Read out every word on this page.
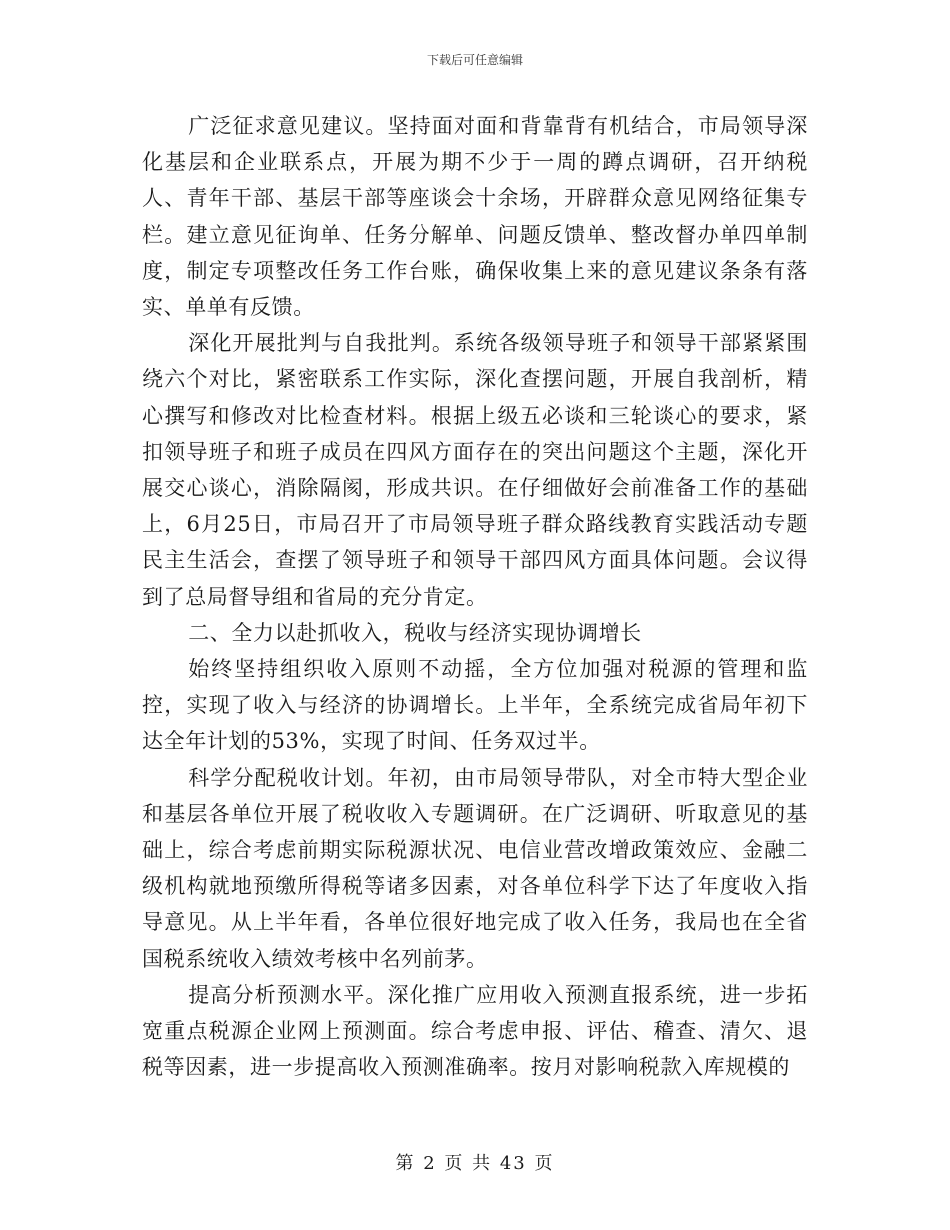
下载后可任意编辑

广泛征求意见建议。坚持面对面和背靠背有机结合，市局领导深化基层和企业联系点，开展为期不少于一周的蹲点调研，召开纳税人、青年干部、基层干部等座谈会十余场，开辟群众意见网络征集专栏。建立意见征询单、任务分解单、问题反馈单、整改督办单四单制度，制定专项整改任务工作台账，确保收集上来的意见建议条条有落实、单单有反馈。

深化开展批判与自我批判。系统各级领导班子和领导干部紧紧围绕六个对比，紧密联系工作实际，深化查摆问题，开展自我剖析，精心撰写和修改对比检查材料。根据上级五必谈和三轮谈心的要求，紧扣领导班子和班子成员在四风方面存在的突出问题这个主题，深化开展交心谈心，消除隔阂，形成共识。在仔细做好会前准备工作的基础上，6月25日，市局召开了市局领导班子群众路线教育实践活动专题民主生活会，查摆了领导班子和领导干部四风方面具体问题。会议得到了总局督导组和省局的充分肯定。

二、全力以赴抓收入，税收与经济实现协调增长

始终坚持组织收入原则不动摇，全方位加强对税源的管理和监控，实现了收入与经济的协调增长。上半年，全系统完成省局年初下达全年计划的53%，实现了时间、任务双过半。

科学分配税收计划。年初，由市局领导带队，对全市特大型企业和基层各单位开展了税收收入专题调研。在广泛调研、听取意见的基础上，综合考虑前期实际税源状况、电信业营改增政策效应、金融二级机构就地预缴所得税等诸多因素，对各单位科学下达了年度收入指导意见。从上半年看，各单位很好地完成了收入任务，我局也在全省国税系统收入绩效考核中名列前茅。

提高分析预测水平。深化推广应用收入预测直报系统，进一步拓宽重点税源企业网上预测面。综合考虑申报、评估、稽查、清欠、退税等因素，进一步提高收入预测准确率。按月对影响税款入库规模的

第 2 页 共 43 页
